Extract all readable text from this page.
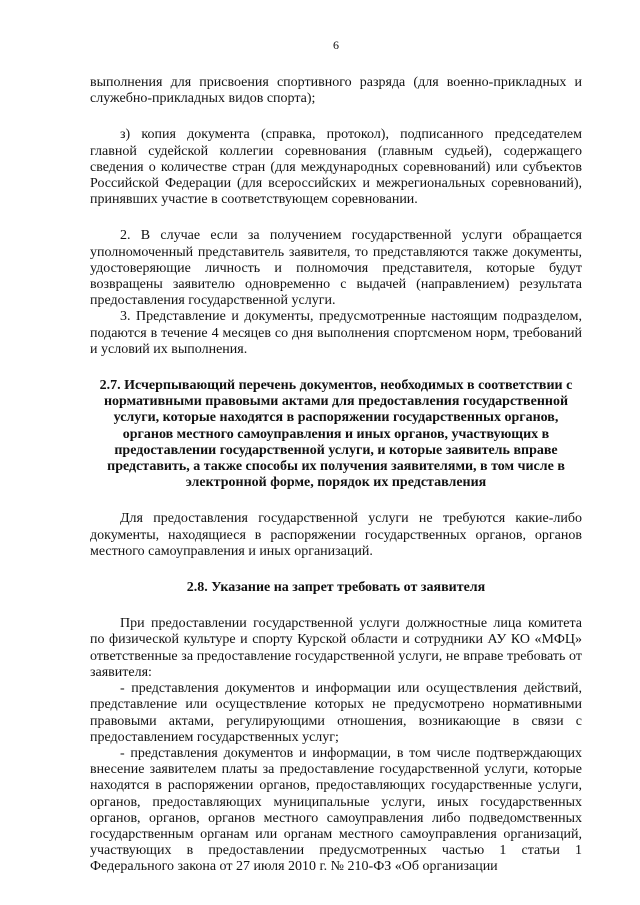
6

выполнения для присвоения спортивного разряда (для военно-прикладных и служебно-прикладных видов спорта);

з) копия документа (справка, протокол), подписанного председателем главной судейской коллегии соревнования (главным судьей), содержащего сведения о количестве стран (для международных соревнований) или субъектов Российской Федерации (для всероссийских и межрегиональных соревнований), принявших участие в соответствующем соревновании.

2. В случае если за получением государственной услуги обращается уполномоченный представитель заявителя, то представляются также документы, удостоверяющие личность и полномочия представителя, которые будут возвращены заявителю одновременно с выдачей (направлением) результата предоставления государственной услуги.

3. Представление и документы, предусмотренные настоящим подразделом, подаются в течение 4 месяцев со дня выполнения спортсменом норм, требований и условий их выполнения.

2.7. Исчерпывающий перечень документов, необходимых в соответствии с нормативными правовыми актами для предоставления государственной услуги, которые находятся в распоряжении государственных органов, органов местного самоуправления и иных органов, участвующих в предоставлении государственной услуги, и которые заявитель вправе представить, а также способы их получения заявителями, в том числе в электронной форме, порядок их представления

Для предоставления государственной услуги не требуются какие-либо документы, находящиеся в распоряжении государственных органов, органов местного самоуправления и иных организаций.

2.8. Указание на запрет требовать от заявителя

При предоставлении государственной услуги должностные лица комитета по физической культуре и спорту Курской области и сотрудники АУ КО «МФЦ» ответственные за предоставление государственной услуги, не вправе требовать от заявителя:

- представления документов и информации или осуществления действий, представление или осуществление которых не предусмотрено нормативными правовыми актами, регулирующими отношения, возникающие в связи с предоставлением государственных услуг;

- представления документов и информации, в том числе подтверждающих внесение заявителем платы за предоставление государственной услуги, которые находятся в распоряжении органов, предоставляющих государственные услуги, органов, предоставляющих муниципальные услуги, иных государственных органов, органов, органов местного самоуправления либо подведомственных государственным органам или органам местного самоуправления организаций, участвующих в предоставлении предусмотренных частью 1 статьи 1 Федерального закона от 27 июля 2010 г. № 210-ФЗ «Об организации
